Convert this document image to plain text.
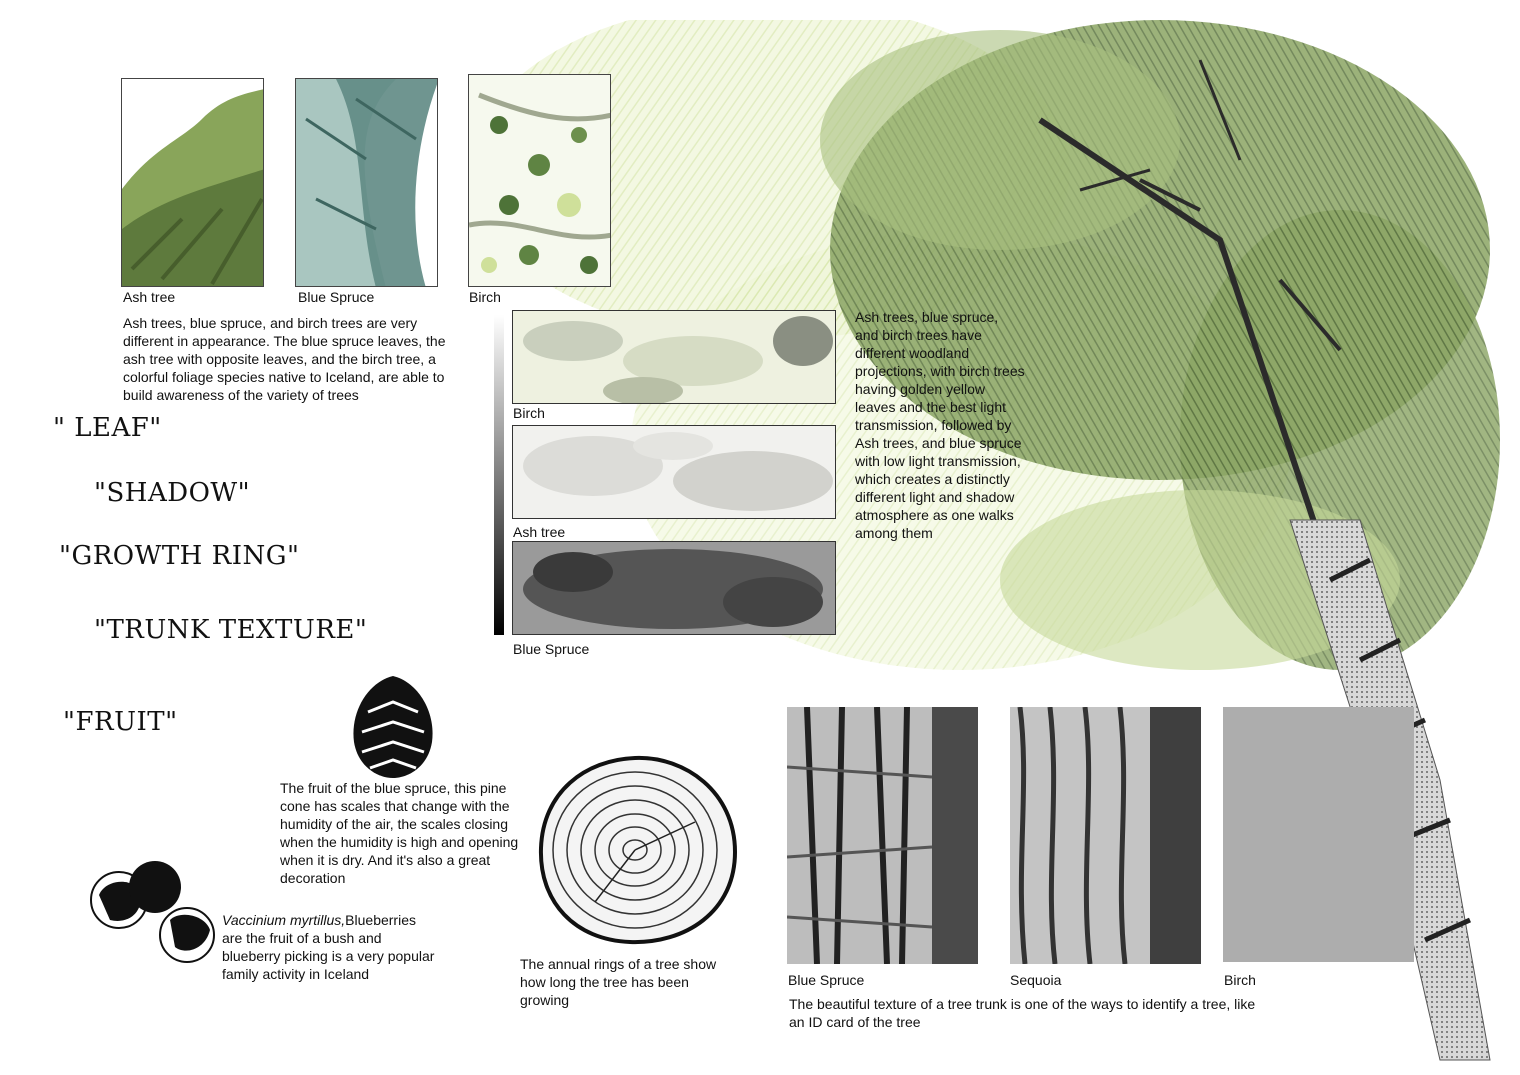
Ash tree	Blue Spruce	Birch
Ash trees, blue spruce, and birch trees are very different in appearance. The blue spruce leaves, the ash tree with opposite leaves, and the birch tree, a colorful foliage species native to Iceland, are able to build awareness of the variety of trees
" LEAF"
"SHADOW"
"GROWTH RING"
"TRUNK TEXTURE"
"FRUIT"
Birch
Ash tree
Blue Spruce
Ash trees, blue spruce, and birch trees have different woodland projections, with birch trees having golden yellow leaves and the best light transmission, followed by Ash trees, and blue spruce with low light transmission, which creates a distinctly different light and shadow atmosphere as one walks among them
The fruit of the blue spruce, this pine cone has scales that change with the humidity of the air, the scales closing when the humidity is high and opening when it is dry. And it's also a great decoration
Vaccinium myrtillus,Blueberries are the fruit of a bush and blueberry picking is a very popular family activity in Iceland
The annual rings of a tree show how long the tree has been growing
Blue Spruce	Sequoia	Birch
The beautiful texture of a tree trunk is one of the ways to identify a tree, like an ID card of the tree
